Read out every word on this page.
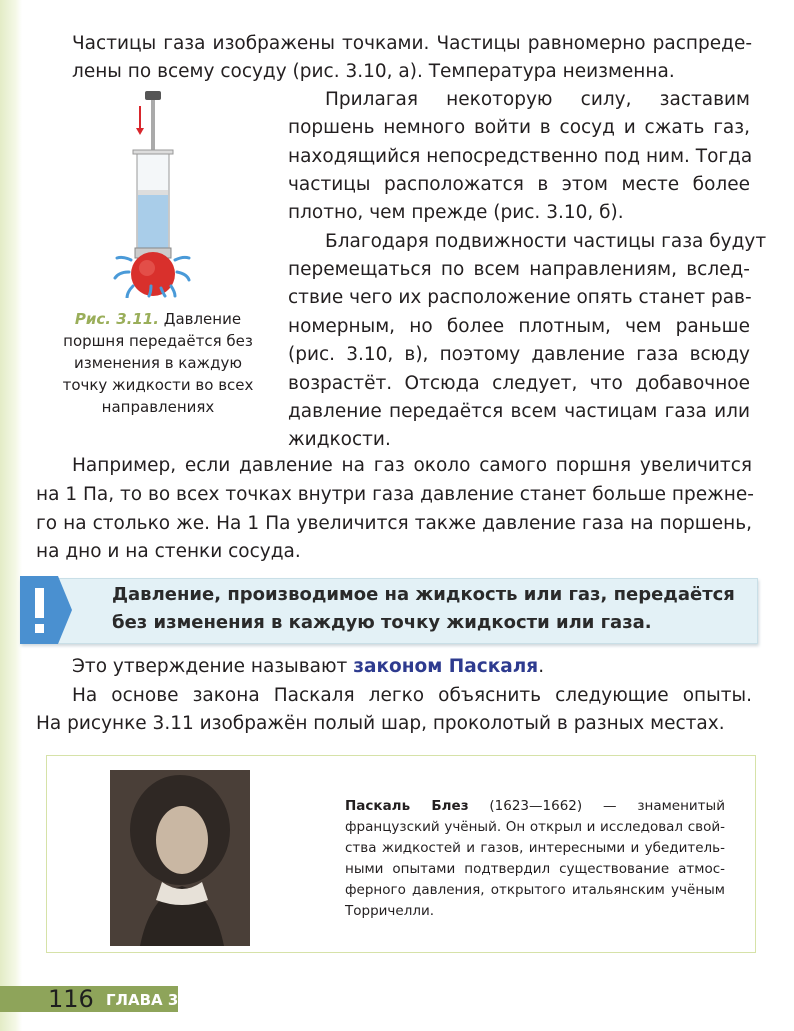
Частицы газа изображены точками. Частицы равномерно распреде-
лены по всему сосуду (рис. 3.10, а). Температура неизменна.
Рис. 3.11. Давление
поршня передаётся без
изменения в каждую
точку жидкости во всех
направлениях
Прилагая некоторую силу, заставим
поршень немного войти в сосуд и сжать газ,
находящийся непосредственно под ним. Тогда
частицы расположатся в этом месте более
плотно, чем прежде (рис. 3.10, б).
Благодаря подвижности частицы газа будут
перемещаться по всем направлениям, вслед-
ствие чего их расположение опять станет рав-
номерным, но более плотным, чем раньше
(рис. 3.10, в), поэтому давление газа всюду
возрастёт. Отсюда следует, что добавочное
давление передаётся всем частицам газа или
жидкости.
Например, если давление на газ около самого поршня увеличится
на 1 Па, то во всех точках внутри газа давление станет больше прежне-
го на столько же. На 1 Па увеличится также давление газа на поршень,
на дно и на стенки сосуда.
Давление, производимое на жидкость или газ, передаётся
без изменения в каждую точку жидкости или газа.
Это утверждение называют законом Паскаля.
На основе закона Паскаля легко объяснить следующие опыты.
На рисунке 3.11 изображён полый шар, проколотый в разных местах.
Паскаль Блез (1623—1662) — знаменитый
французский учёный. Он открыл и исследовал свой-
ства жидкостей и газов, интересными и убедитель-
ными опытами подтвердил существование атмос-
ферного давления, открытого итальянским учёным
Торричелли.
116 ГЛАВА 3
